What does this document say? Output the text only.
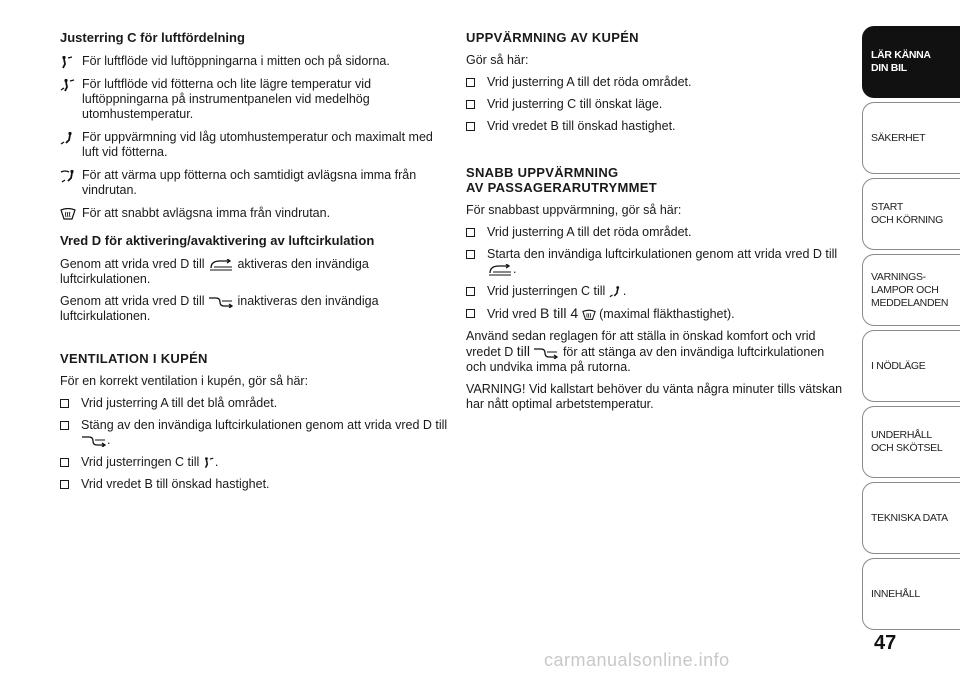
Justerring C för luftfördelning
För luftflöde vid luftöppningarna i mitten och på sidorna.
För luftflöde vid fötterna och lite lägre temperatur vid luftöppningarna på instrumentpanelen vid medelhög utomhustemperatur.
För uppvärmning vid låg utomhustemperatur och maximalt med luft vid fötterna.
För att värma upp fötterna och samtidigt avlägsna imma från vindrutan.
För att snabbt avlägsna imma från vindrutan.
Vred D för aktivering/avaktivering av luftcirkulation

Genom att vrida vred D till	aktiveras den invändiga luftcirkulationen.

Genom att vrida vred D till	inaktiveras den invändiga luftcirkulationen.

VENTILATION I KUPÉN

För en korrekt ventilation i kupén, gör så här:

Vrid justerring A till det blå området.
Stäng av den invändiga luftcirkulationen genom att vrida vred D till .
Vrid justerringen C till .
Vrid vredet B till önskad hastighet.
UPPVÄRMNING AV KUPÉN

Gör så här:

Vrid justerring A till det röda området.
Vrid justerring C till önskat läge.
Vrid vredet B till önskad hastighet.
SNABB UPPVÄRMNING
AV PASSAGERARUTRYMMET

För snabbast uppvärmning, gör så här:

Vrid justerring A till det röda området.
Starta den invändiga luftcirkulationen genom att vrida vred D till .
Vrid justerringen C till .
Vrid vred B till 4 (maximal fläkthastighet).

Använd sedan reglagen för att ställa in önskad komfort och vrid vredet D till	för att stänga av den invändiga luftcirkulationen och undvika imma på rutorna.

VARNING! Vid kallstart behöver du vänta några minuter tills vätskan har nått optimal arbetstemperatur.

LÄR KÄNNA
DIN BIL
SÄKERHET
START
OCH KÖRNING
VARNINGS-
LAMPOR OCH
MEDDELANDEN
I NÖDLÄGE
UNDERHÅLL
OCH SKÖTSEL
TEKNISKA DATA
INNEHÅLL
47
carmanualsonline.info
